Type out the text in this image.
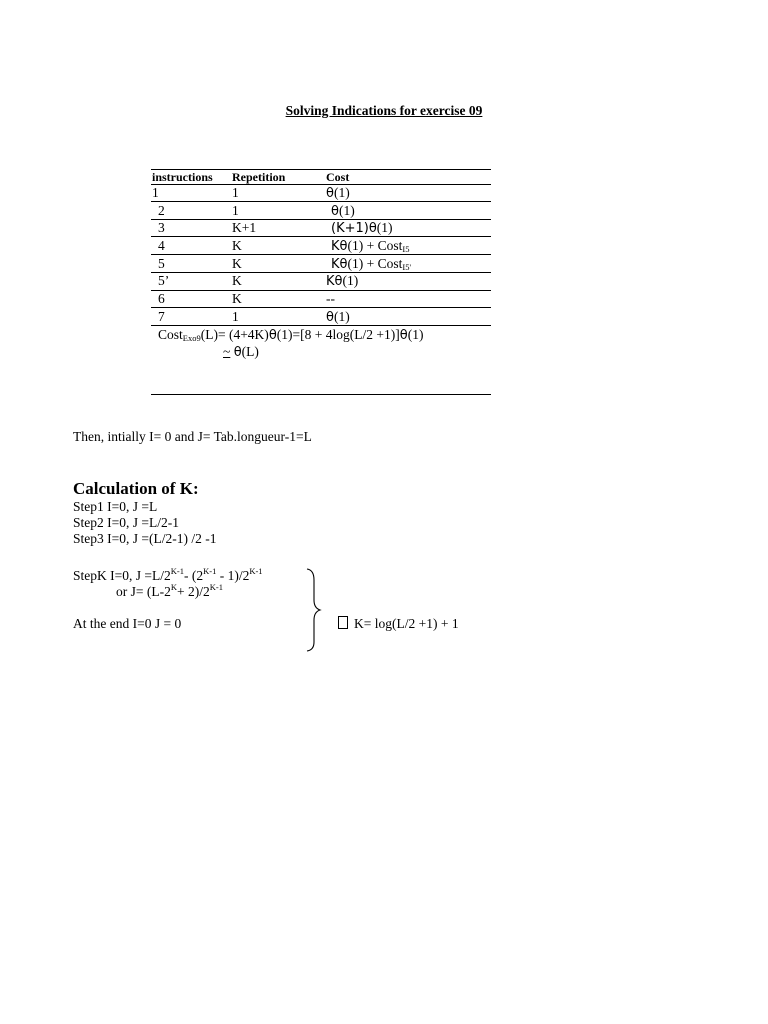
Solving Indications for exercise 09
instructions Repetition	Cost
1	1	θ(1)
2	1	θ(1)
3	K+1	(K+1)θ(1)
4	K	Kθ(1) + Cost$_{I5}$
5	K	Kθ(1) + Cost$_{I5'}$
5’	K	Kθ(1)
6	K	--
7	1	θ(1)
Cost$_{Exo9}$(L)= (4+4K)θ(1)=[8 + 4log(L/2 +1)]θ(1)
~ θ(L)
Then, intially I= 0 and J= Tab.longueur-1=L
Calculation of K:
Step1 I=0, J =L
Step2 I=0, J =L/2-1
Step3 I=0, J =(L/2-1) /2 -1
StepK I=0, $J =L/2^{K-1}-$ $(2^{K-1} - 1)/2^{K-1}$
or $J= (L-2^K+ 2)/2^{K-1}$
At the end I=0 J = 0	K= log(L/2 +1) + 1
